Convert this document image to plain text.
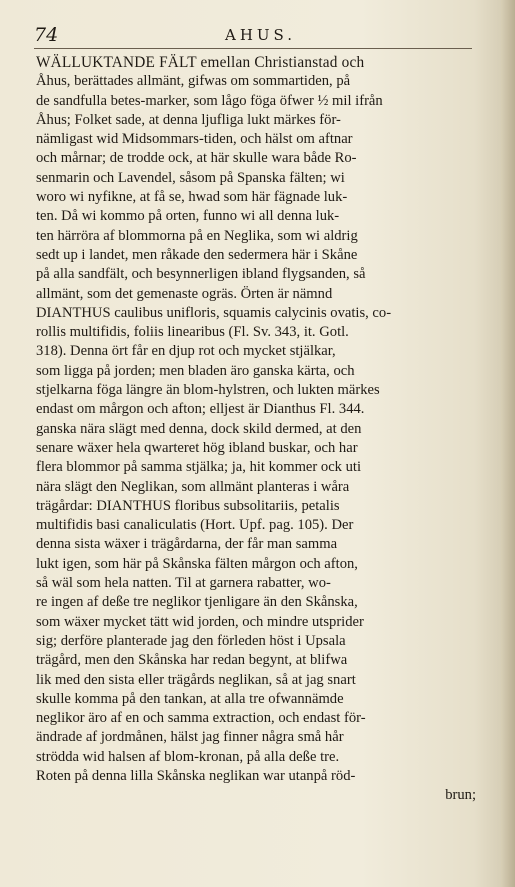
74	AHUS.
WÄLLUKTANDE FÄLT emellan Christianstad och
Åhus, berättades allmänt, gifwas om sommartiden, på
de sandfulla betes-marker, som lågo föga öfwer ½ mil ifrån
Åhus; Folket sade, at denna ljufliga lukt märkes för-
nämligast wid Midsommars-tiden, och hälst om aftnar
och mårnar; de trodde ock, at här skulle wara både Ro-
senmarin och Lavendel, såsom på Spanska fälten; wi
woro wi nyfikne, at få se, hwad som här fägnade luk-
ten. Då wi kommo på orten, funno wi all denna luk-
ten härröra af blommorna på en Neglika, som wi aldrig
sedt up i landet, men råkade den sedermera här i Skåne
på alla sandfält, och besynnerligen ibland flygsanden, så
allmänt, som det gemenaste ogräs. Örten är nämnd
DIANTHUS caulibus unifloris, squamis calycinis ovatis, co-
rollis multifidis, foliis linearibus (Fl. Sv. 343, it. Gotl.
318). Denna ört får en djup rot och mycket stjälkar,
som ligga på jorden; men bladen äro ganska kärta, och
stjelkarna föga längre än blom-hylstren, och lukten märkes
endast om mårgon och afton; elljest är Dianthus Fl. 344.
ganska nära slägt med denna, dock skild dermed, at den
senare wäxer hela qwarteret hög ibland buskar, och har
flera blommor på samma stjälka; ja, hit kommer ock uti
nära slägt den Neglikan, som allmänt planteras i wåra
trägårdar: DIANTHUS floribus subsolitariis, petalis
multifidis basi canaliculatis (Hort. Upf. pag. 105). Der
denna sista wäxer i trägårdarna, der får man samma
lukt igen, som här på Skånska fälten mårgon och afton,
så wäl som hela natten. Til at garnera rabatter, wo-
re ingen af deße tre neglikor tjenligare än den Skånska,
som wäxer mycket tätt wid jorden, och mindre utsprider
sig; derföre planterade jag den förleden höst i Upsala
trägård, men den Skånska har redan begynt, at blifwa
lik med den sista eller trägårds neglikan, så at jag snart
skulle komma på den tankan, at alla tre ofwannämde
neglikor äro af en och samma extraction, och endast för-
ändrade af jordmånen, hälst jag finner några små hår
strödda wid halsen af blom-kronan, på alla deße tre.
Roten på denna lilla Skånska neglikan war utanpå röd-
brun;
